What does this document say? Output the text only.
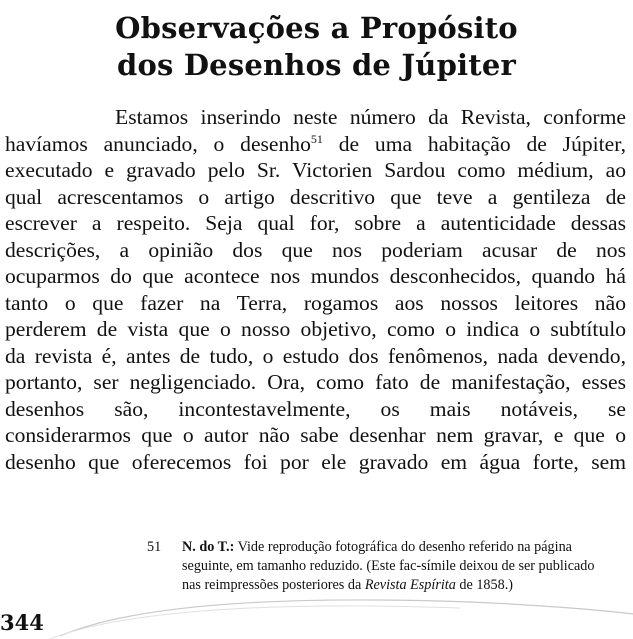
Observações a Propósito
dos Desenhos de Júpiter
Estamos inserindo neste número da Revista, conforme
havíamos anunciado, o desenho$^{51}$ de uma habitação de Júpiter,
executado e gravado pelo Sr. Victorien Sardou como médium, ao
qual acrescentamos o artigo descritivo que teve a gentileza de
escrever a respeito. Seja qual for, sobre a autenticidade dessas
descrições, a opinião dos que nos poderiam acusar de nos
ocuparmos do que acontece nos mundos desconhecidos, quando há
tanto o que fazer na Terra, rogamos aos nossos leitores não
perderem de vista que o nosso objetivo, como o indica o subtítulo
da revista é, antes de tudo, o estudo dos fenômenos, nada devendo,
portanto, ser negligenciado. Ora, como fato de manifestação, esses
desenhos são, incontestavelmente, os mais notáveis, se
considerarmos que o autor não sabe desenhar nem gravar, e que o
desenho que oferecemos foi por ele gravado em água forte, sem
51 N. do T.: Vide reprodução fotográfica do desenho referido na página
seguinte, em tamanho reduzido. (Este fac-símile deixou de ser publicado
nas reimpressões posteriores da Revista Espírita de 1858.)
344
